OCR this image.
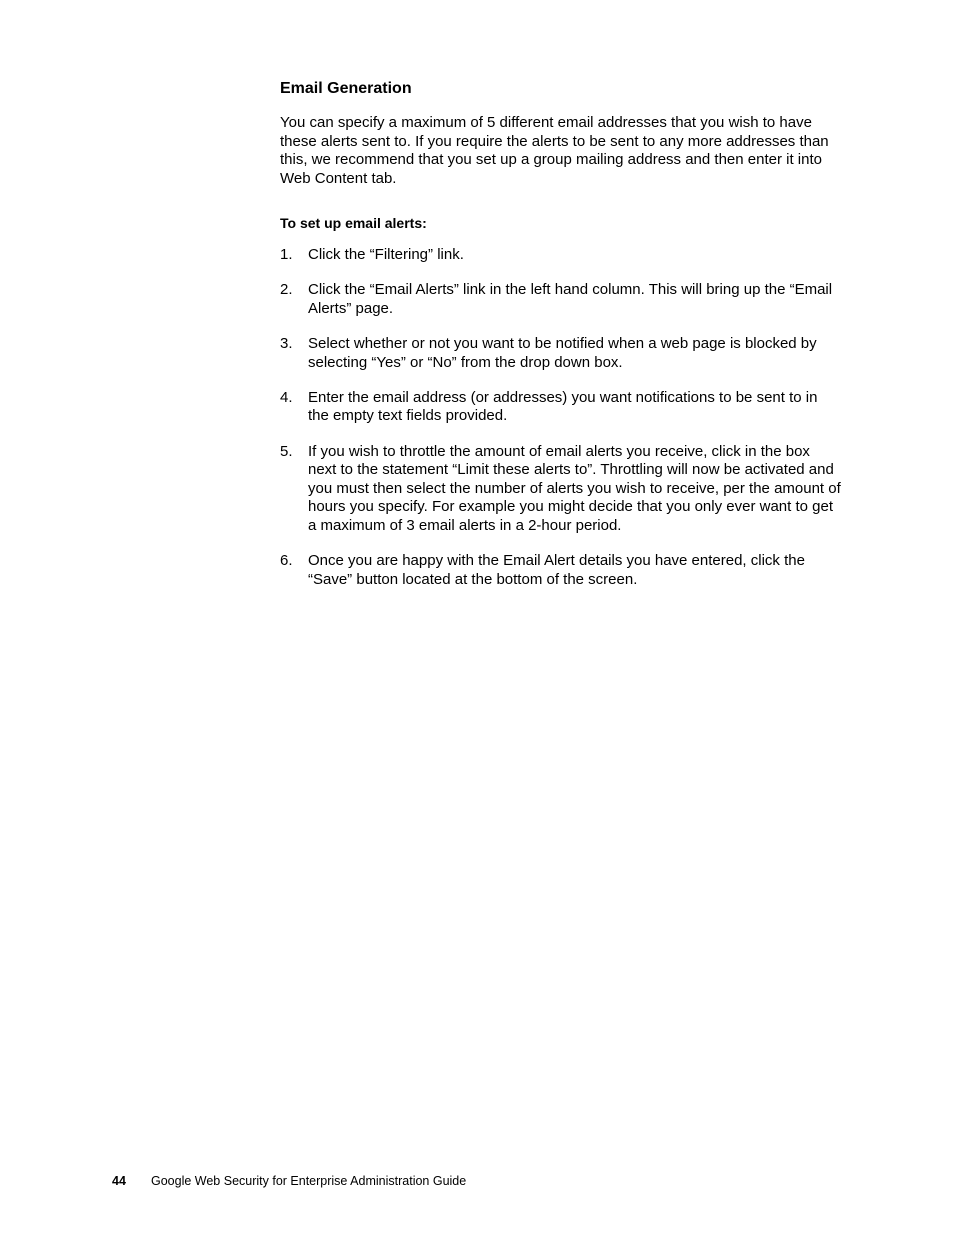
Email Generation

You can specify a maximum of 5 different email addresses that you wish to have these alerts sent to. If you require the alerts to be sent to any more addresses than this, we recommend that you set up a group mailing address and then enter it into Web Content tab.

To set up email alerts:
1.	Click the “Filtering” link.
2.	Click the “Email Alerts” link in the left hand column. This will bring up the “Email Alerts” page.
3.	Select whether or not you want to be notified when a web page is blocked by selecting “Yes” or “No” from the drop down box.
4.	Enter the email address (or addresses) you want notifications to be sent to in the empty text fields provided.
5.	If you wish to throttle the amount of email alerts you receive, click in the box next to the statement “Limit these alerts to”. Throttling will now be activated and you must then select the number of alerts you wish to receive, per the amount of hours you specify. For example you might decide that you only ever want to get a maximum of 3 email alerts in a 2-hour period.
6.	Once you are happy with the Email Alert details you have entered, click the “Save” button located at the bottom of the screen.
44	Google Web Security for Enterprise Administration Guide
